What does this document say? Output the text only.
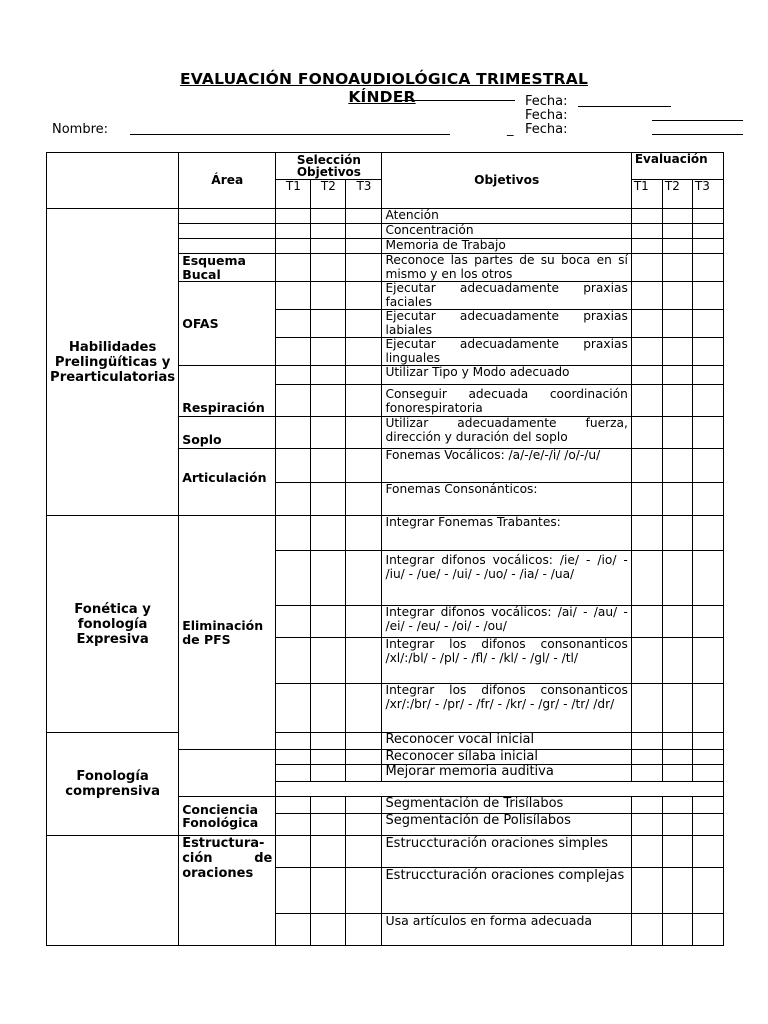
EVALUACIÓN FONOAUDIOLÓGICA TRIMESTRAL
KÍNDER	Fecha:
Fecha:
Nombre:	_ Fecha:
	Área	Selección Objetivos			Objetivos	Evaluación		
		T1	T2	T3		T1	T2	T3
Habilidades Prelingüíticas y Prearticulatorias					Atención			
					Concentración			
					Memoria de Trabajo			
	Esquema Bucal				Reconoce las partes de su boca en sí mismo y en los otros			
	OFAS				Ejecutar adecuadamente praxias faciales			
					Ejecutar adecuadamente praxias labiales			
					Ejecutar adecuadamente praxias linguales			
	Respiración				Utilizar Tipo y Modo adecuado			
					Conseguir adecuada coordinación fonorespiratoria			
	Soplo				Utilizar adecuadamente fuerza, dirección y duración del soplo			
	Articulación				Fonemas Vocálicos: /a/-/e/-/i/ /o/-/u/			
					Fonemas Consonánticos:			
Fonética y fonología Expresiva	Eliminación de PFS				Integrar Fonemas Trabantes:			
					Integrar difonos vocálicos: /ie/ - /io/ - /iu/ - /ue/ - /ui/ - /uo/ - /ia/ - /ua/			
					Integrar difonos vocálicos: /ai/ - /au/ - /ei/ - /eu/ - /oi/ - /ou/			
					Integrar los difonos consonanticos /xl/:/bl/ - /pl/ - /fl/ - /kl/ - /gl/ - /tl/			
					Integrar los difonos consonanticos /xr/:/br/ - /pr/ - /fr/ - /kr/ - /gr/ - /tr/ /dr/			
Fonología comprensiva					Reconocer vocal inicial			
					Reconocer sílaba inicial			
					Mejorar memoria auditiva			

	Conciencia Fonológica				Segmentación de Trisílabos			
					Segmentación de Polisílabos			
	Estructura-ción de oraciones				Estruccturación oraciones simples			
					Estruccturación oraciones complejas			
					Usa artículos en forma adecuada			
